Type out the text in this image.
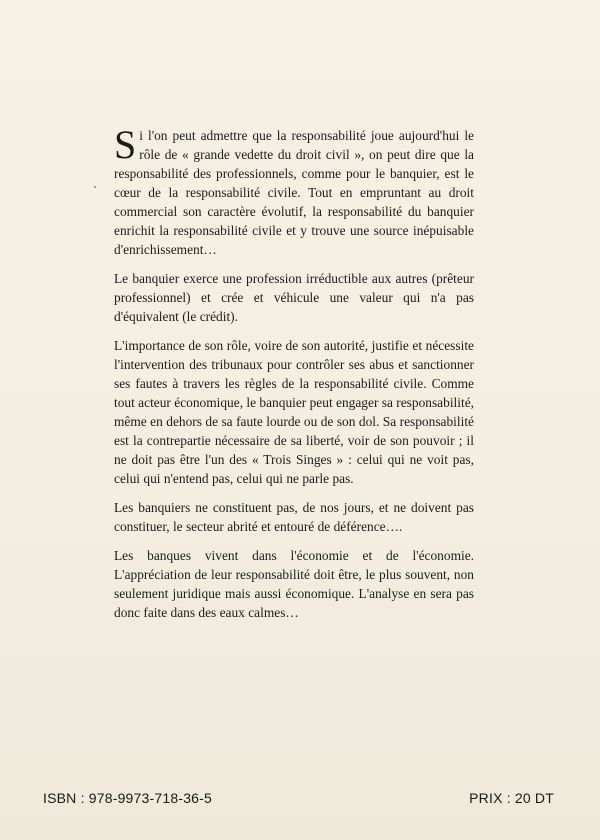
Si l'on peut admettre que la responsabilité joue aujourd'hui le rôle de « grande vedette du droit civil », on peut dire que la responsabilité des professionnels, comme pour le banquier, est le cœur de la responsabilité civile. Tout en empruntant au droit commercial son caractère évolutif, la responsabilité du banquier enrichit la responsabilité civile et y trouve une source inépuisable d'enrichissement…

Le banquier exerce une profession irréductible aux autres (prêteur professionnel) et crée et véhicule une valeur qui n'a pas d'équivalent (le crédit).

L'importance de son rôle, voire de son autorité, justifie et nécessite l'intervention des tribunaux pour contrôler ses abus et sanctionner ses fautes à travers les règles de la responsabilité civile. Comme tout acteur économique, le banquier peut engager sa responsabilité, même en dehors de sa faute lourde ou de son dol. Sa responsabilité est la contrepartie nécessaire de sa liberté, voir de son pouvoir ; il ne doit pas être l'un des « Trois Singes » : celui qui ne voit pas, celui qui n'entend pas, celui qui ne parle pas.

Les banquiers ne constituent pas, de nos jours, et ne doivent pas constituer, le secteur abrité et entouré de déférence….

Les banques vivent dans l'économie et de l'économie. L'appréciation de leur responsabilité doit être, le plus souvent, non seulement juridique mais aussi économique. L'analyse en sera pas donc faite dans des eaux calmes…

ISBN : 978-9973-718-36-5	PRIX : 20 DT
